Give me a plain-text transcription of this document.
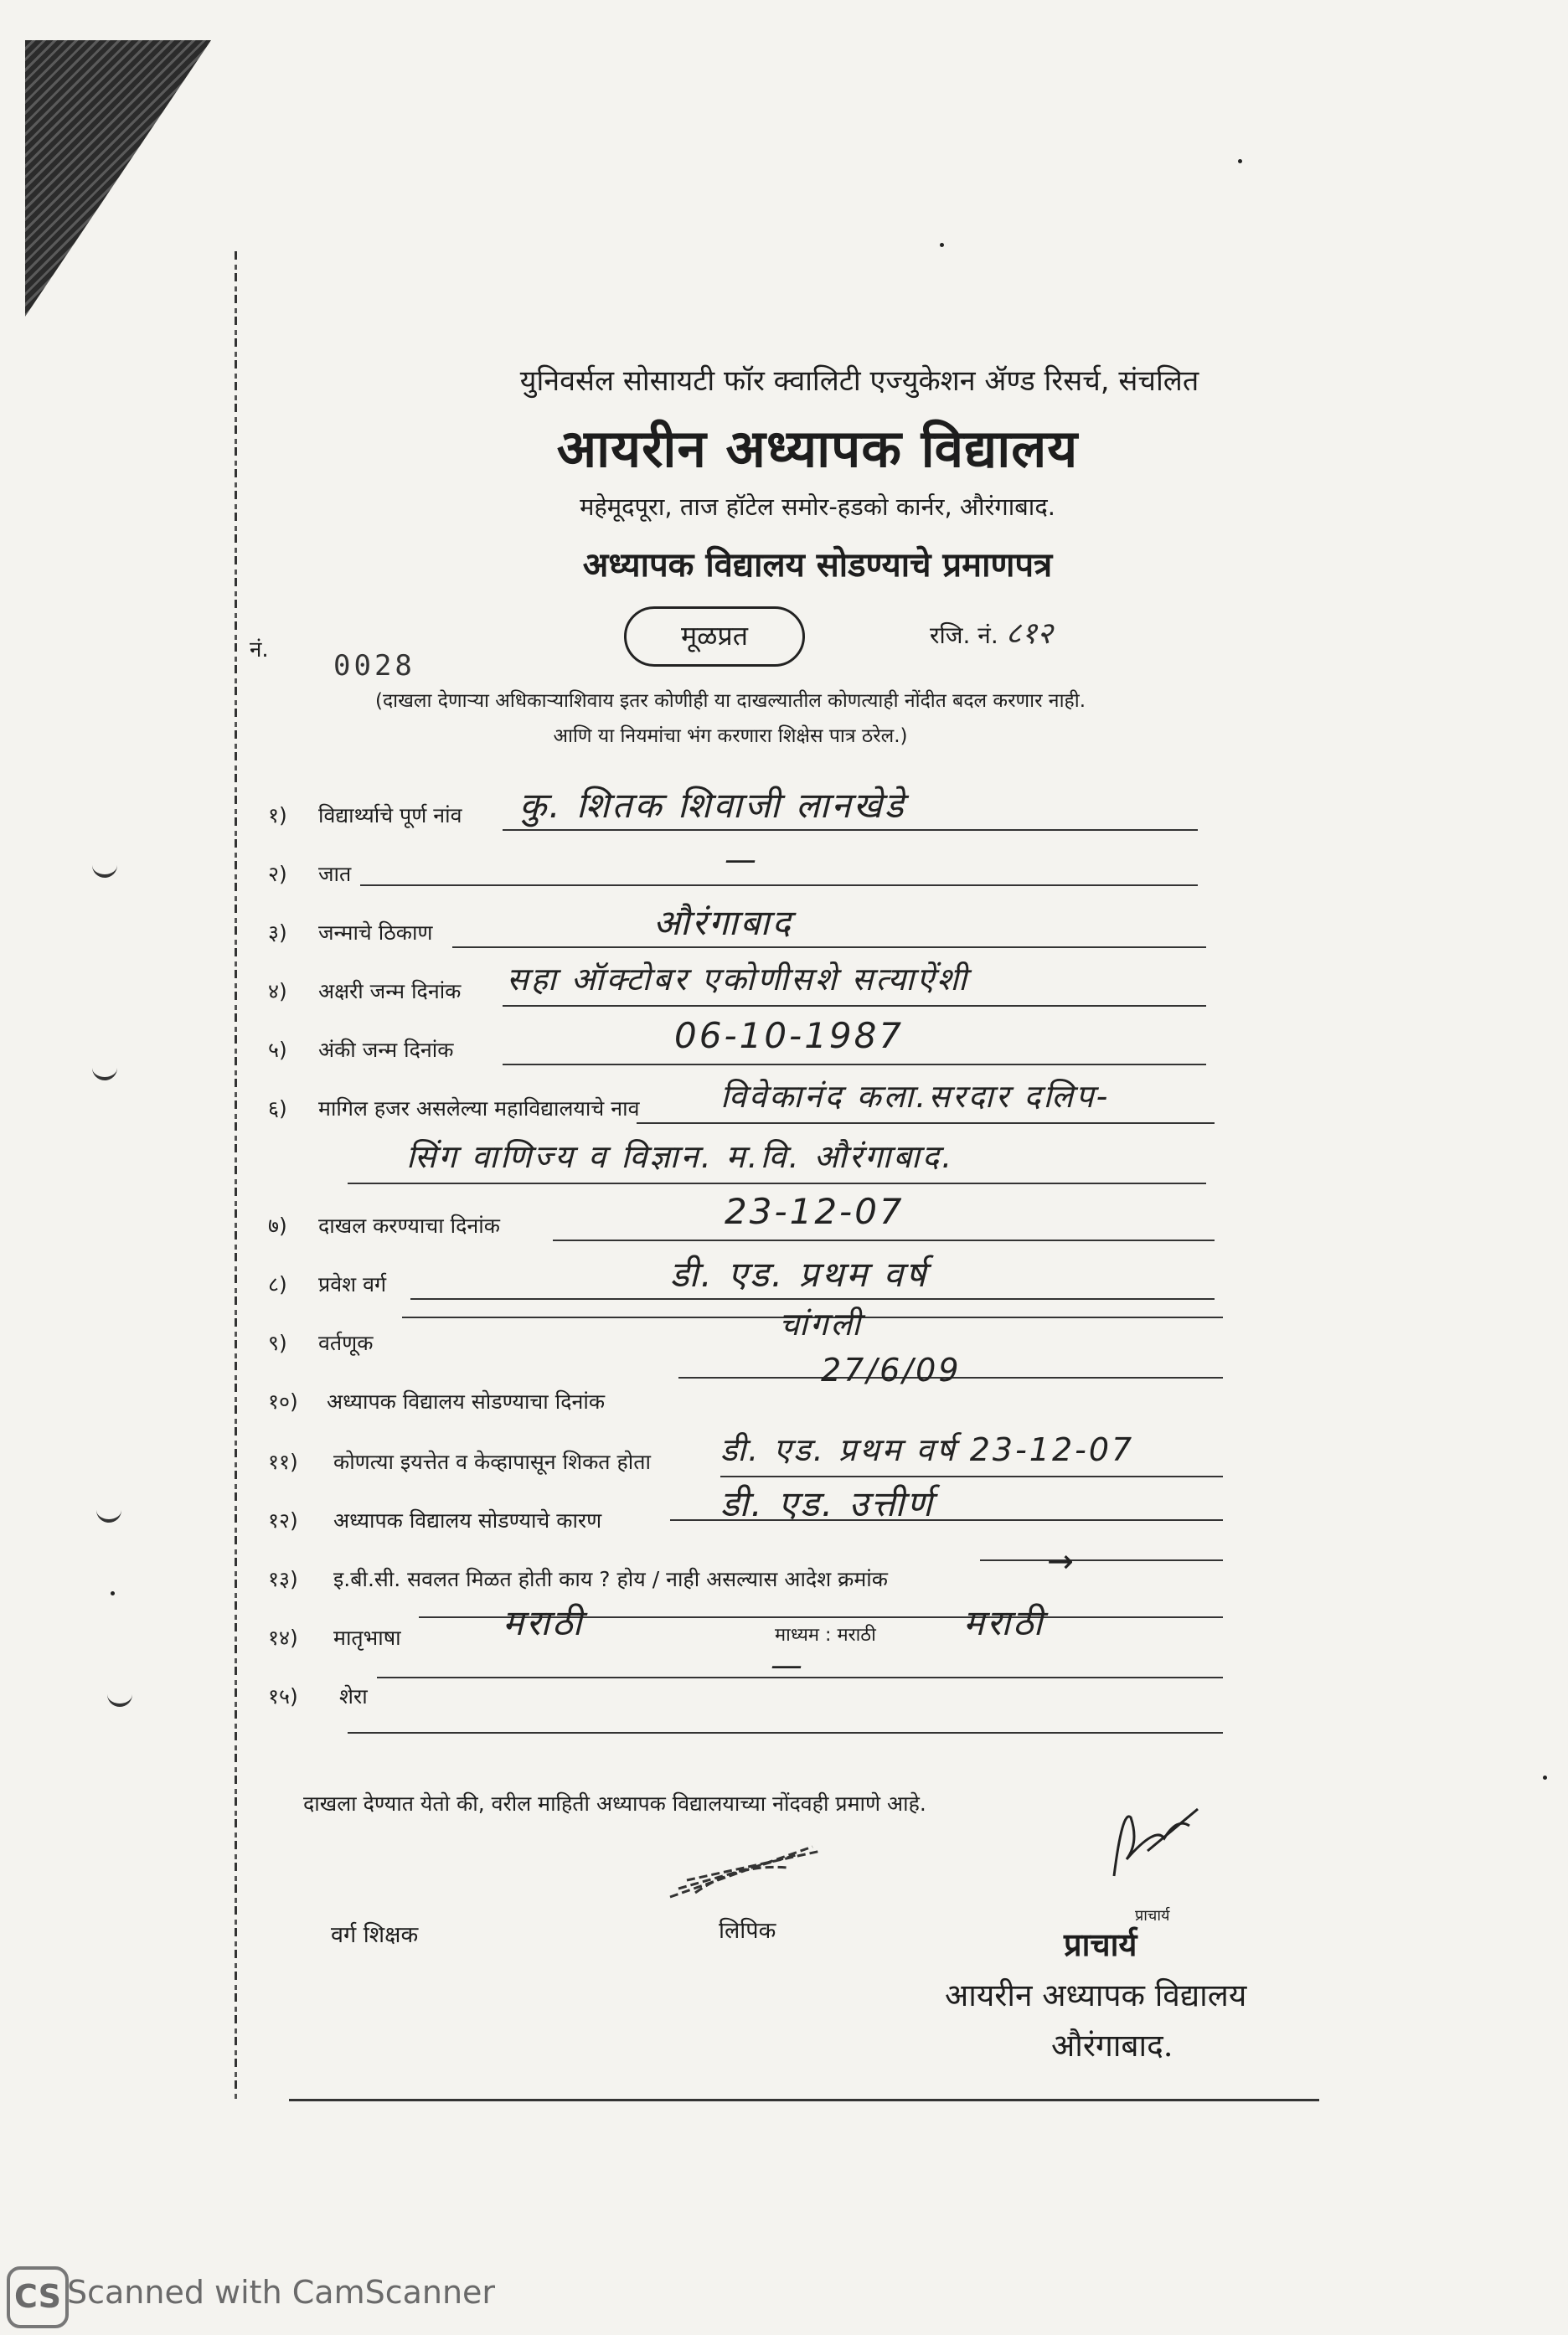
युनिवर्सल सोसायटी फॉर क्वालिटी एज्युकेशन ॲण्ड रिसर्च, संचलित
आयरीन अध्यापक विद्यालय
महेमूदपूरा, ताज हॉटेल समोर-हडको कार्नर, औरंगाबाद.
अध्यापक विद्यालय सोडण्याचे प्रमाणपत्र
मूळप्रत	रजि. नं. ८१२
नं. 0028
(दाखला देणाऱ्या अधिकाऱ्याशिवाय इतर कोणीही या दाखल्यातील कोणत्याही नोंदीत बदल करणार नाही.
आणि या नियमांचा भंग करणारा शिक्षेस पात्र ठरेल.)
१) विद्यार्थ्याचे पूर्ण नांव कु. शितक शिवाजी लानखेडे
२) जात	—
३) जन्माचे ठिकाण	औरंगाबाद
४) अक्षरी जन्म दिनांक सहा ऑक्टोबर एकोणीसशे सत्याऐंशी
५) अंकी जन्म दिनांक	06-10-1987
६) मागिल हजर असलेल्या महाविद्यालयाचे नाव	विवेकानंद कला.सरदार दलिप-
सिंग वाणिज्य व विज्ञान. म.वि. औरंगाबाद.
७) दाखल करण्याचा दिनांक	23-12-07
८) प्रवेश वर्ग	डी. एड. प्रथम वर्ष
९) वर्तणूक
चांगली
१०) अध्यापक विद्यालय सोडण्याचा दिनांक
27/6/09
११) कोणत्या इयत्तेत व केव्हापासून शिकत होता डी. एड. प्रथम वर्ष 23-12-07
१२) अध्यापक विद्यालय सोडण्याचे कारण	डी. एड. उत्तीर्ण
१३) इ.बी.सी. सवलत मिळत होती काय ? होय / नाही असल्यास आदेश क्रमांक	→
१४) मातृभाषा	मराठी	माध्यम : मराठी मराठी
१५) शेरा
—
दाखला देण्यात येतो की, वरील माहिती अध्यापक विद्यालयाच्या नोंदवही प्रमाणे आहे.
वर्ग शिक्षक	लिपिक
प्राचार्य
प्राचार्य
आयरीन अध्यापक विद्यालय
औरंगाबाद.
CS Scanned with CamScanner
